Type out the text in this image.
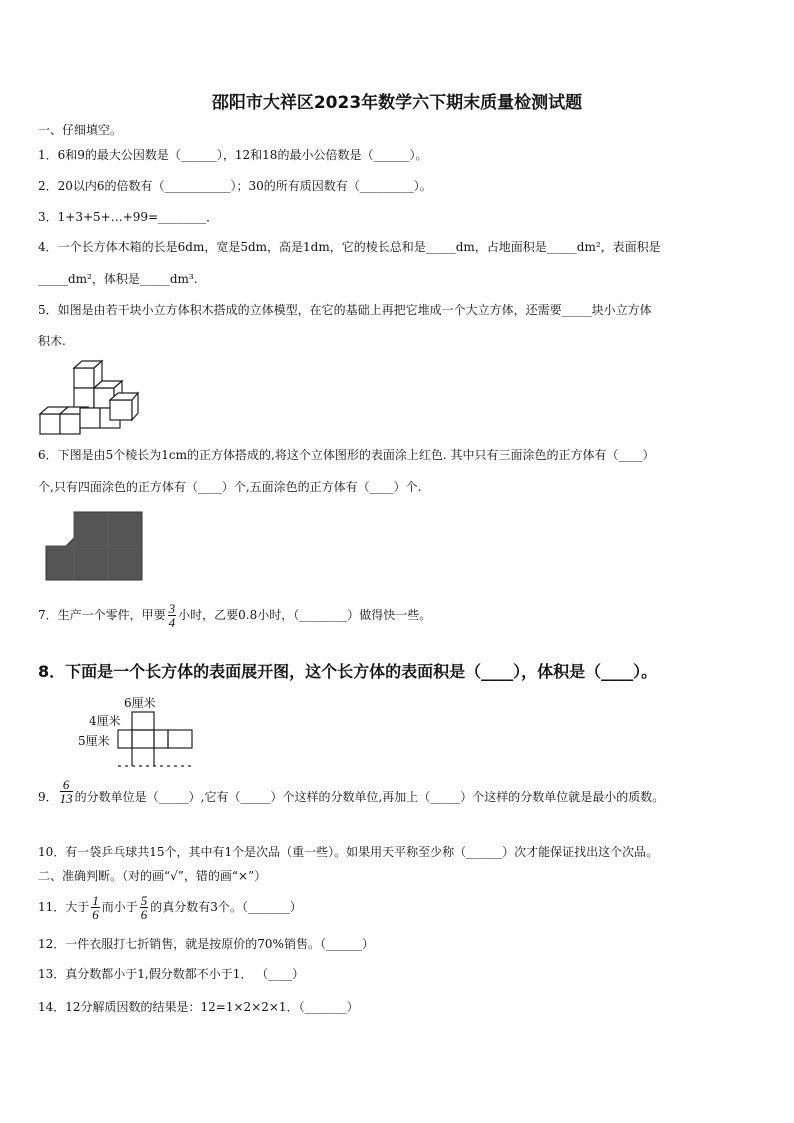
邵阳市大祥区2023年数学六下期末质量检测试题
一、仔细填空。
1．6和9的最大公因数是（______），12和18的最小公倍数是（______）。
2．20以内6的倍数有（___________）；30的所有质因数有（_________）。
3．1+3+5+…+99=________．
4．一个长方体木箱的长是6dm，宽是5dm，高是1dm，它的棱长总和是_____dm，占地面积是_____dm²，表面积是
_____dm²，体积是_____dm³.
5．如图是由若干块小立方体积木搭成的立体模型，在它的基础上再把它堆成一个大立方体，还需要_____块小立方体
积木.
6．下图是由5个棱长为1cm的正方体搭成的,将这个立体图形的表面涂上红色. 其中只有三面涂色的正方体有（____）
个,只有四面涂色的正方体有（____）个,五面涂色的正方体有（____）个.
7．生产一个零件，甲要 $\frac{3}{4}$ 小时，乙要0.8小时，（________）做得快一些。
8．下面是一个长方体的表面展开图，这个长方体的表面积是（____），体积是（____）。
6厘米
4厘米
5厘米
9． $\frac{6}{13}$ 的分数单位是（_____）,它有（_____）个这样的分数单位,再加上（_____）个这样的分数单位就是最小的质数。
10．有一袋乒乓球共15个，其中有1个是次品（重一些）。如果用天平称至少称（______）次才能保证找出这个次品。
二、准确判断。（对的画“√”，错的画“×”）
11．大于 $\frac{1}{6}$ 而小于 $\frac{5}{6}$ 的真分数有3个。（_______）
12．一件衣服打七折销售，就是按原价的70%销售。（______）
13．真分数都小于1,假分数都不小于1． （____）
14．12分解质因数的结果是：12=1×2×2×1．（_______）
